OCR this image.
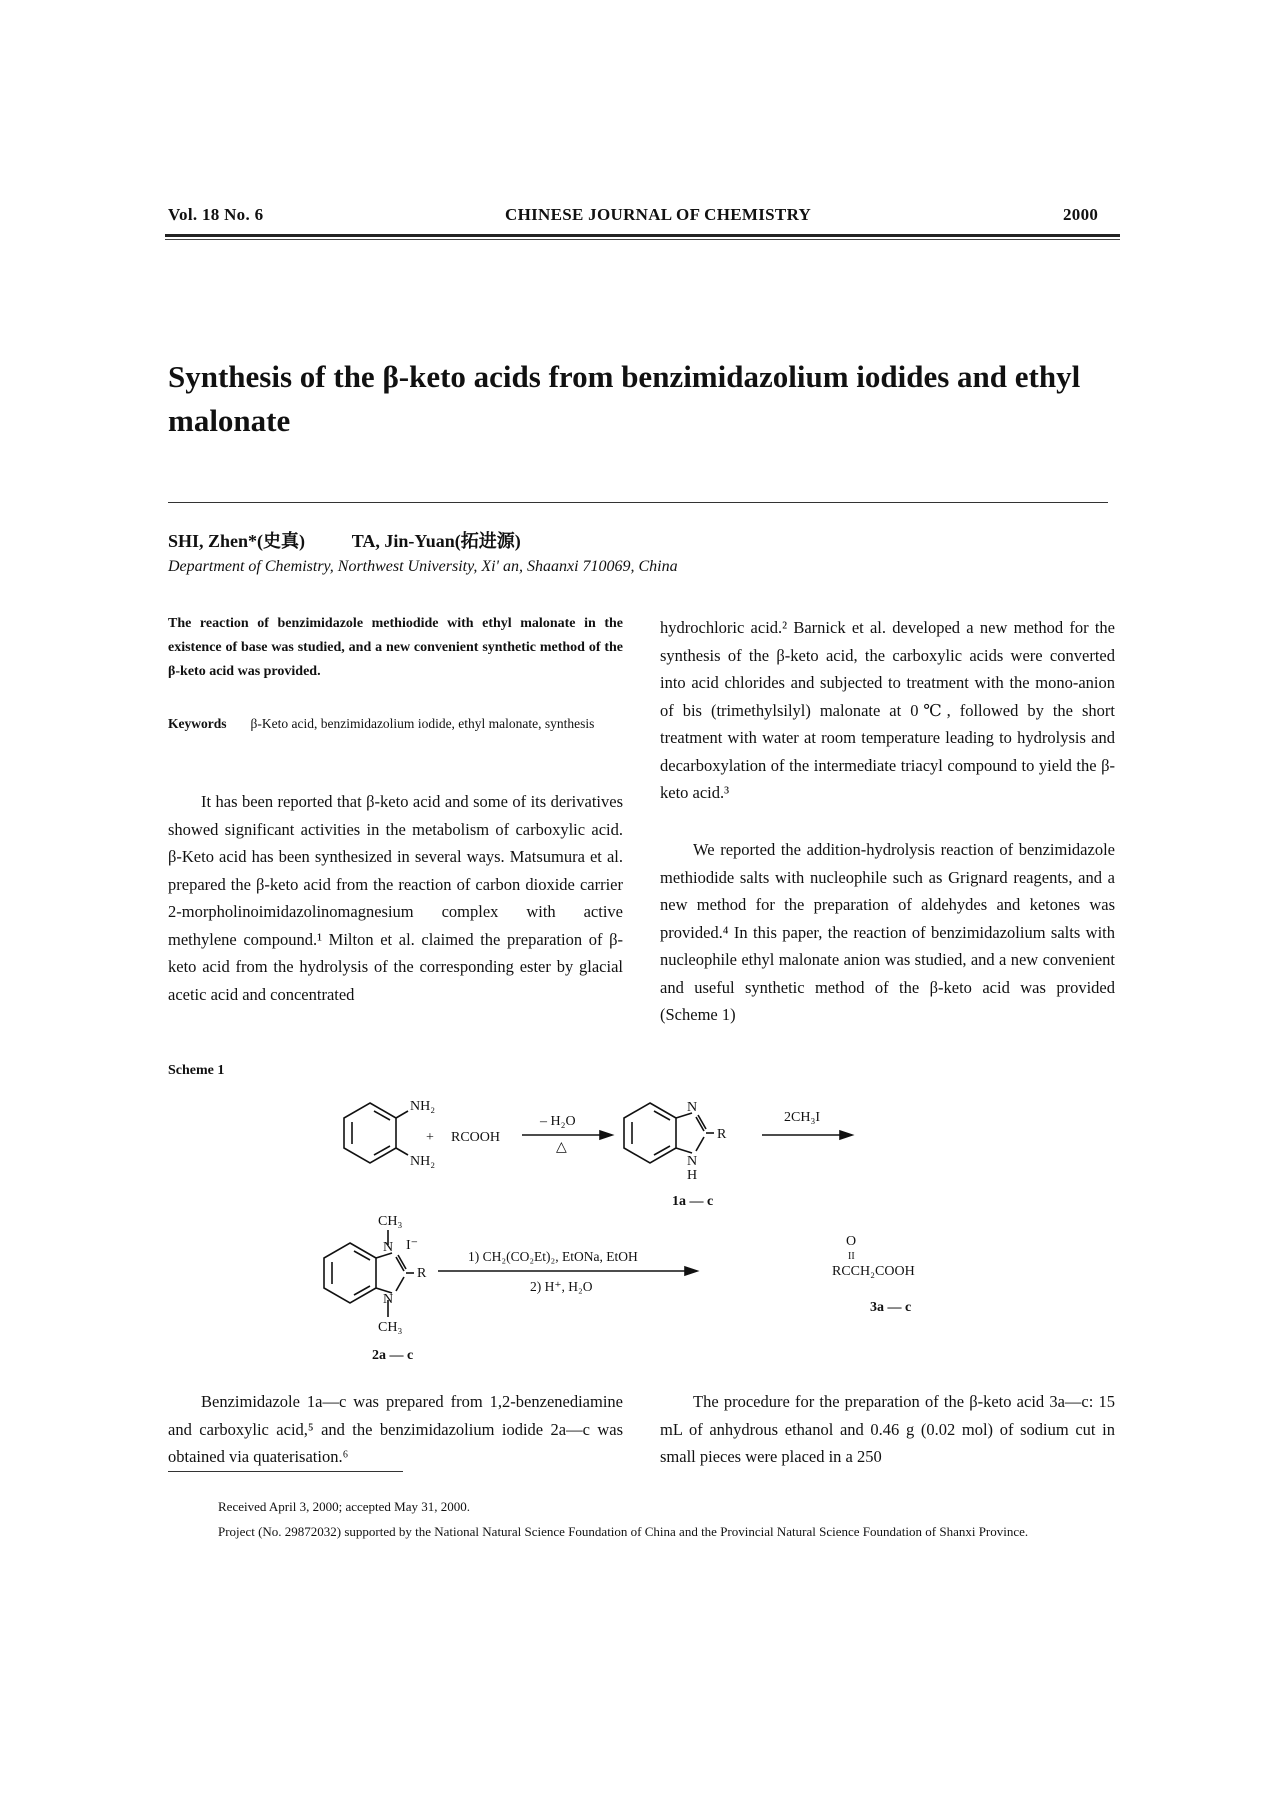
Vol. 18 No. 6	CHINESE JOURNAL OF CHEMISTRY	2000
Synthesis of the β-keto acids from benzimidazolium iodides and ethyl malonate
SHI, Zhen*(史真)	TA, Jin-Yuan(拓进源)
Department of Chemistry, Northwest University, Xi' an, Shaanxi 710069, China
The reaction of benzimidazole methiodide with ethyl malonate in the existence of base was studied, and a new convenient synthetic method of the β-keto acid was provided.
Keywords β-Keto acid, benzimidazolium iodide, ethyl malonate, synthesis
It has been reported that β-keto acid and some of its derivatives showed significant activities in the metabolism of carboxylic acid. β-Keto acid has been synthesized in several ways. Matsumura et al. prepared the β-keto acid from the reaction of carbon dioxide carrier 2-morpholinoimidazolinomagnesium complex with active methylene compound.¹ Milton et al. claimed the preparation of β-keto acid from the hydrolysis of the corresponding ester by glacial acetic acid and concentrated
hydrochloric acid.² Barnick et al. developed a new method for the synthesis of the β-keto acid, the carboxylic acids were converted into acid chlorides and subjected to treatment with the mono-anion of bis (trimethylsilyl) malonate at 0℃, followed by the short treatment with water at room temperature leading to hydrolysis and decarboxylation of the intermediate triacyl compound to yield the β-keto acid.³
We reported the addition-hydrolysis reaction of benzimidazole methiodide salts with nucleophile such as Grignard reagents, and a new method for the preparation of aldehydes and ketones was provided.⁴ In this paper, the reaction of benzimidazolium salts with nucleophile ethyl malonate anion was studied, and a new convenient and useful synthetic method of the β-keto acid was provided (Scheme 1)
Scheme 1
NH₂
NH₂
+ RCOOH
– H₂O
△
N
R
N
H
1a — c
2CH₃I
CH₃
N I⁻
R
N
CH₃
2a — c
1) CH₂(CO₂Et)₂, EtONa, EtOH
2) H⁺, H₂O
O
II
RCCH₂COOH
3a — c
Benzimidazole 1a—c was prepared from 1,2-benzenediamine and carboxylic acid,⁵ and the benzimidazolium iodide 2a—c was obtained via quaterisation.⁶
The procedure for the preparation of the β-keto acid 3a—c: 15 mL of anhydrous ethanol and 0.46 g (0.02 mol) of sodium cut in small pieces were placed in a 250
Received April 3, 2000; accepted May 31, 2000.
Project (No. 29872032) supported by the National Natural Science Foundation of China and the Provincial Natural Science Foundation of Shanxi Province.
